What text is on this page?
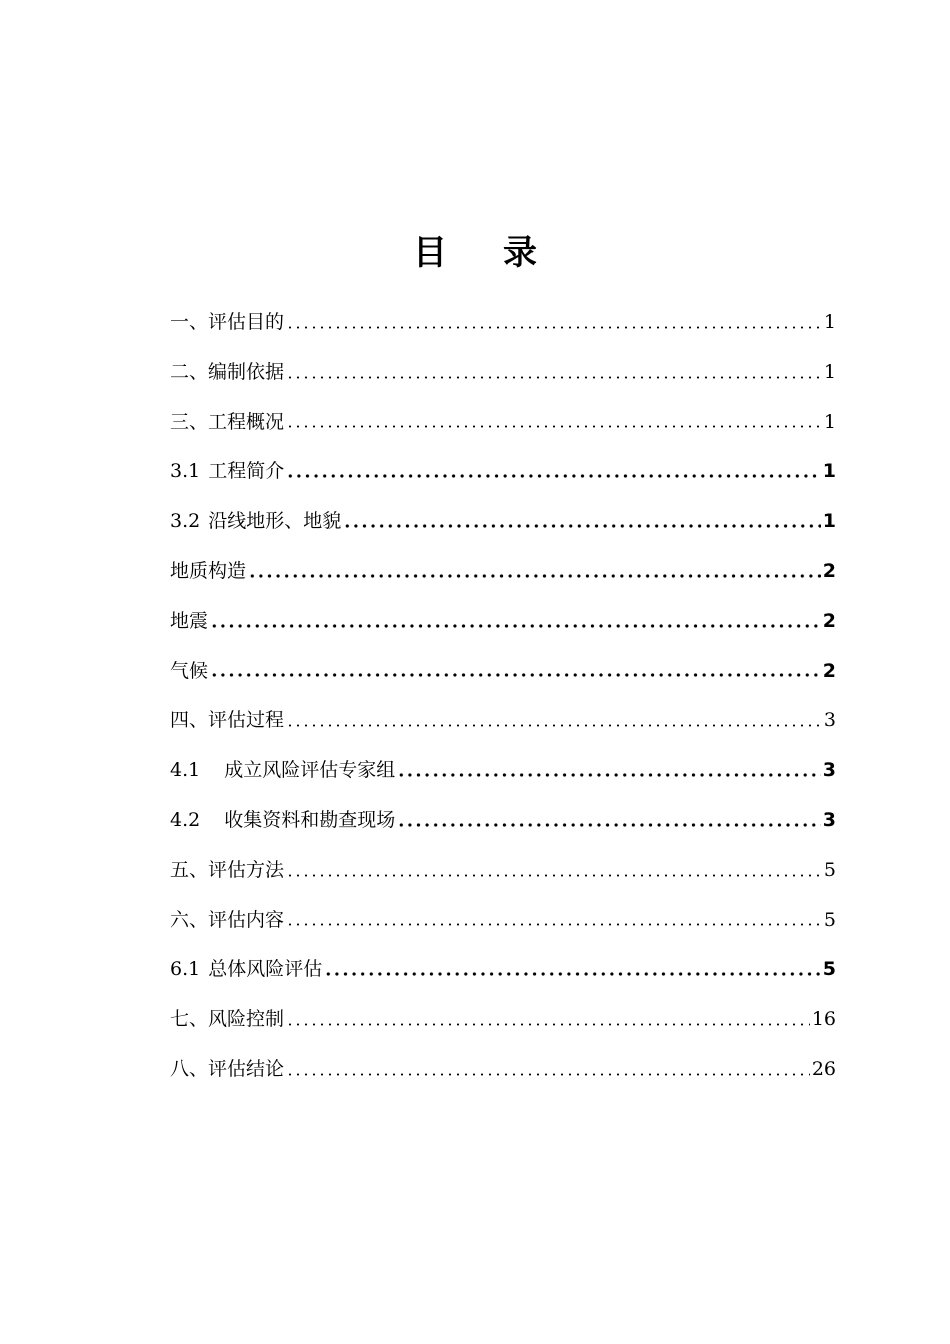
目 录
一、评估目的	1
二、编制依据	1
三、工程概况	1
3.1 工程简介	1
3.2 沿线地形、地貌	1
地质构造	2
地震	2
气候	2
四、评估过程	3
4.1 成立风险评估专家组	3
4.2 收集资料和勘查现场	3
五、评估方法	5
六、评估内容	5
6.1 总体风险评估	5
七、风险控制	16
八、评估结论	26
